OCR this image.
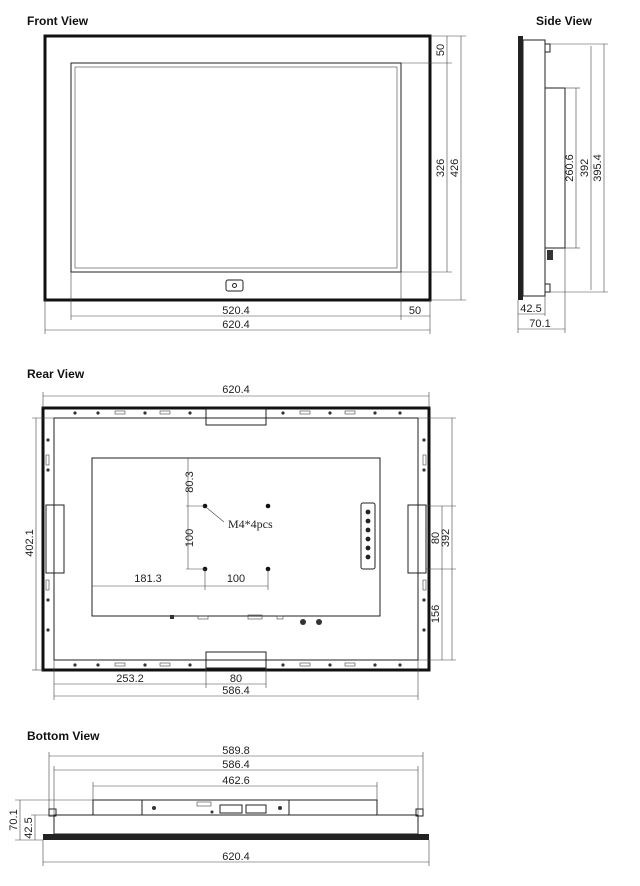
Front View	Side View
Rear View
Bottom View
520.4
620.4
50
50
326 426	260.6 392 395.4
42.5
70.1
620.4
402.1
80.3
100
181.3	100
M4*4pcs
80
392
156
253.2	80
586.4
589.8
586.4
462.6
620.4
70.1 42.5
